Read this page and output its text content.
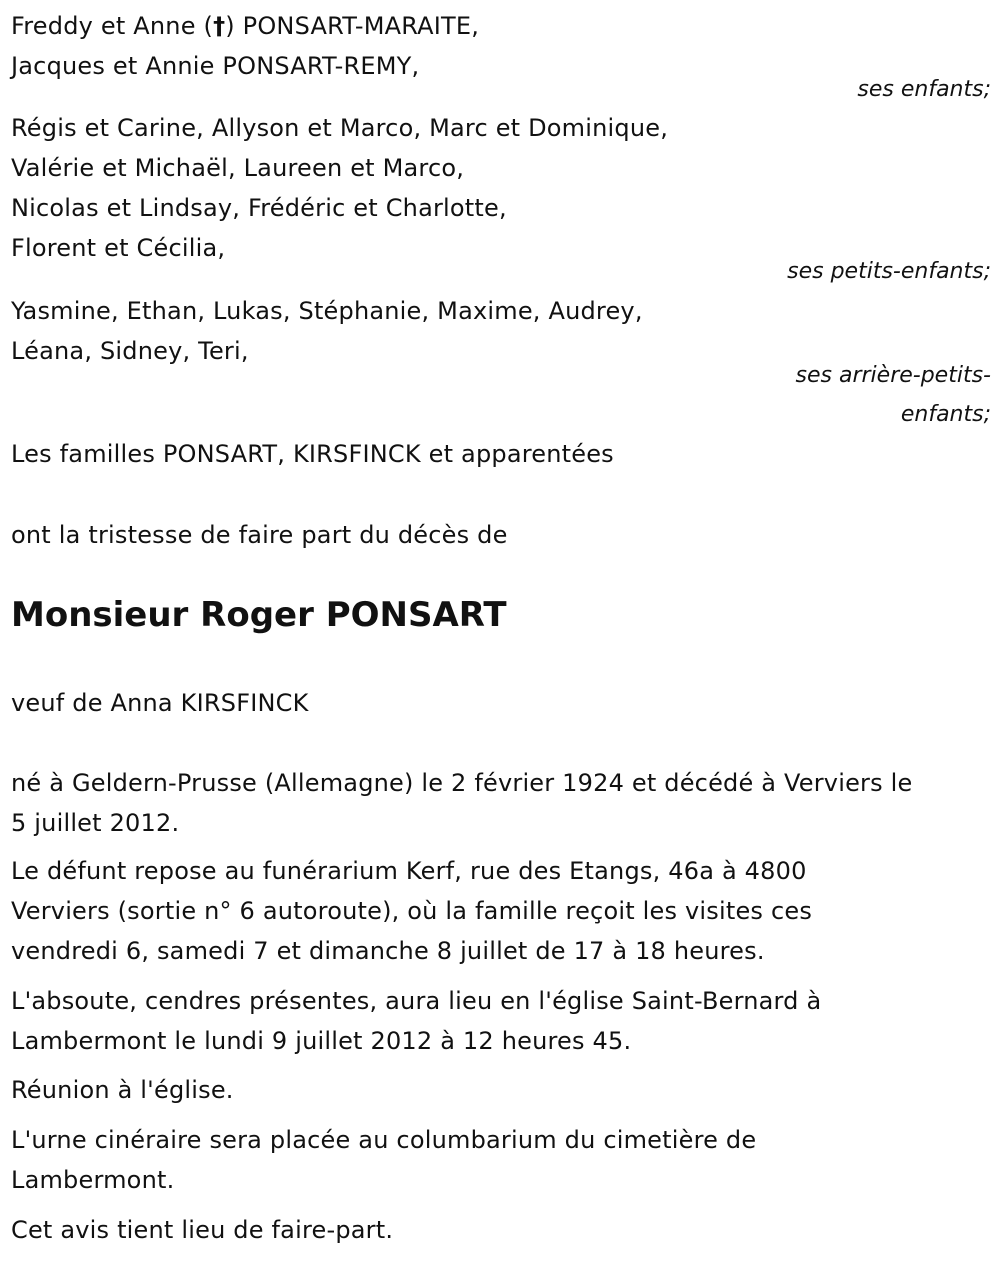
Freddy et Anne (†) PONSART-MARAITE,
Jacques et Annie PONSART-REMY,
ses enfants;
Régis et Carine, Allyson et Marco, Marc et Dominique,
Valérie et Michaël, Laureen et Marco,
Nicolas et Lindsay, Frédéric et Charlotte,
Florent et Cécilia,
ses petits-enfants;
Yasmine, Ethan, Lukas, Stéphanie, Maxime, Audrey,
Léana, Sidney, Teri,
ses arrière-petits-
enfants;
Les familles PONSART, KIRSFINCK et apparentées
ont la tristesse de faire part du décès de
Monsieur Roger PONSART
veuf de Anna KIRSFINCK
né à Geldern-Prusse (Allemagne) le 2 février 1924 et décédé à Verviers le
5 juillet 2012.
Le défunt repose au funérarium Kerf, rue des Etangs, 46a à 4800
Verviers (sortie n° 6 autoroute), où la famille reçoit les visites ces
vendredi 6, samedi 7 et dimanche 8 juillet de 17 à 18 heures.
L'absoute, cendres présentes, aura lieu en l'église Saint-Bernard à
Lambermont le lundi 9 juillet 2012 à 12 heures 45.
Réunion à l'église.
L'urne cinéraire sera placée au columbarium du cimetière de
Lambermont.
Cet avis tient lieu de faire-part.
